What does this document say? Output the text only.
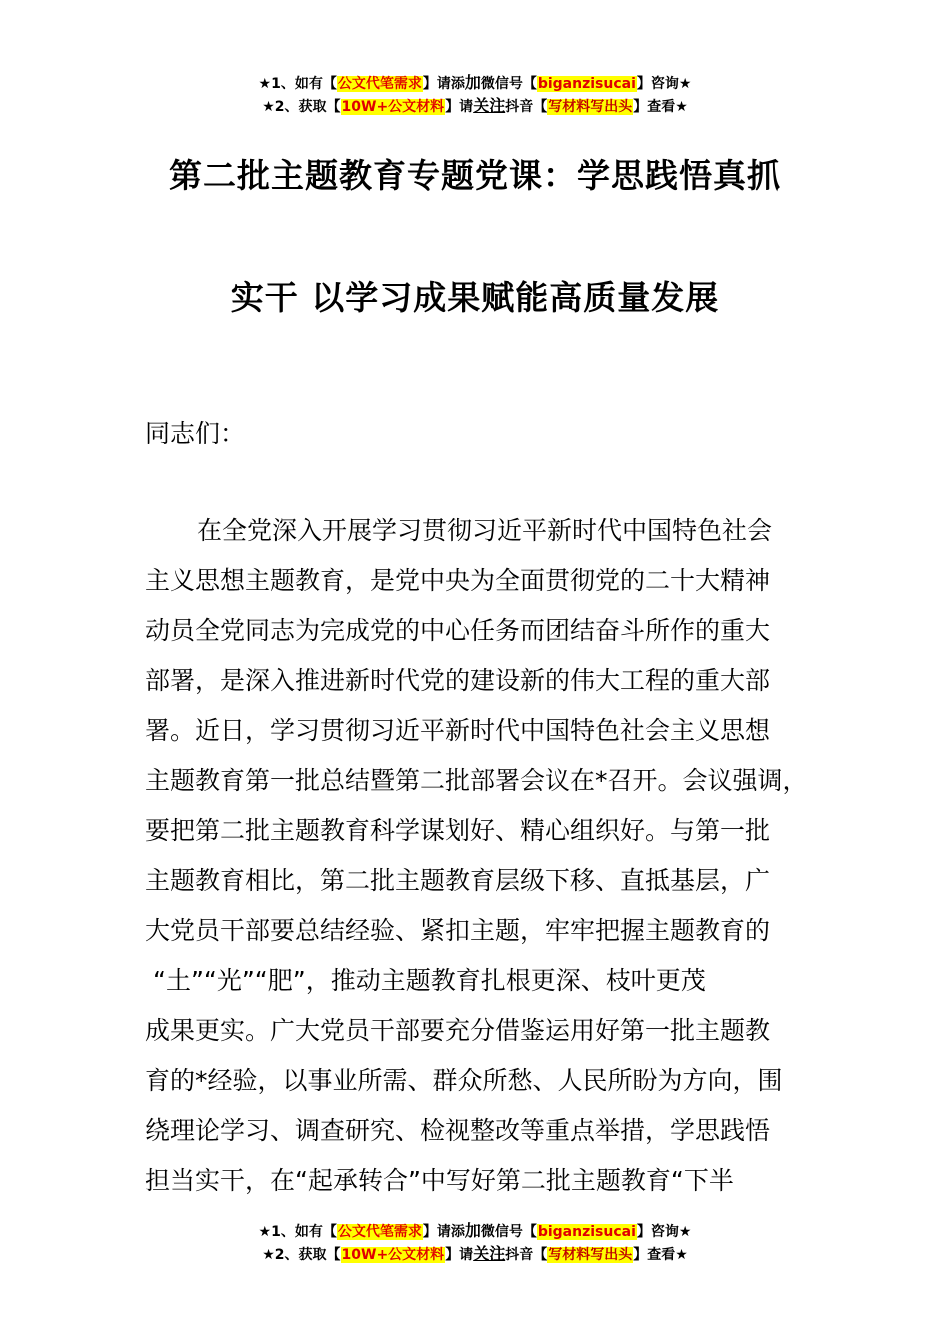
★1、如有【公文代笔需求】请添加微信号【biganzisucai】咨询★
★2、获取【10W+公文材料】请关注抖音【写材料写出头】查看★
第二批主题教育专题党课：学思践悟真抓
实干 以学习成果赋能高质量发展
同志们：
在全党深入开展学习贯彻习近平新时代中国特色社会
主义思想主题教育，是党中央为全面贯彻党的二十大精神
动员全党同志为完成党的中心任务而团结奋斗所作的重大
部署，是深入推进新时代党的建设新的伟大工程的重大部
署。近日，学习贯彻习近平新时代中国特色社会主义思想
主题教育第一批总结暨第二批部署会议在*召开。会议强调，
要把第二批主题教育科学谋划好、精心组织好。与第一批
主题教育相比，第二批主题教育层级下移、直抵基层，广
大党员干部要总结经验、紧扣主题，牢牢把握主题教育的
“土”“光”“肥”，推动主题教育扎根更深、枝叶更茂
成果更实。广大党员干部要充分借鉴运用好第一批主题教
育的*经验，以事业所需、群众所愁、人民所盼为方向，围
绕理论学习、调查研究、检视整改等重点举措，学思践悟
担当实干，在“起承转合”中写好第二批主题教育“下半
★1、如有【公文代笔需求】请添加微信号【biganzisucai】咨询★
★2、获取【10W+公文材料】请关注抖音【写材料写出头】查看★
